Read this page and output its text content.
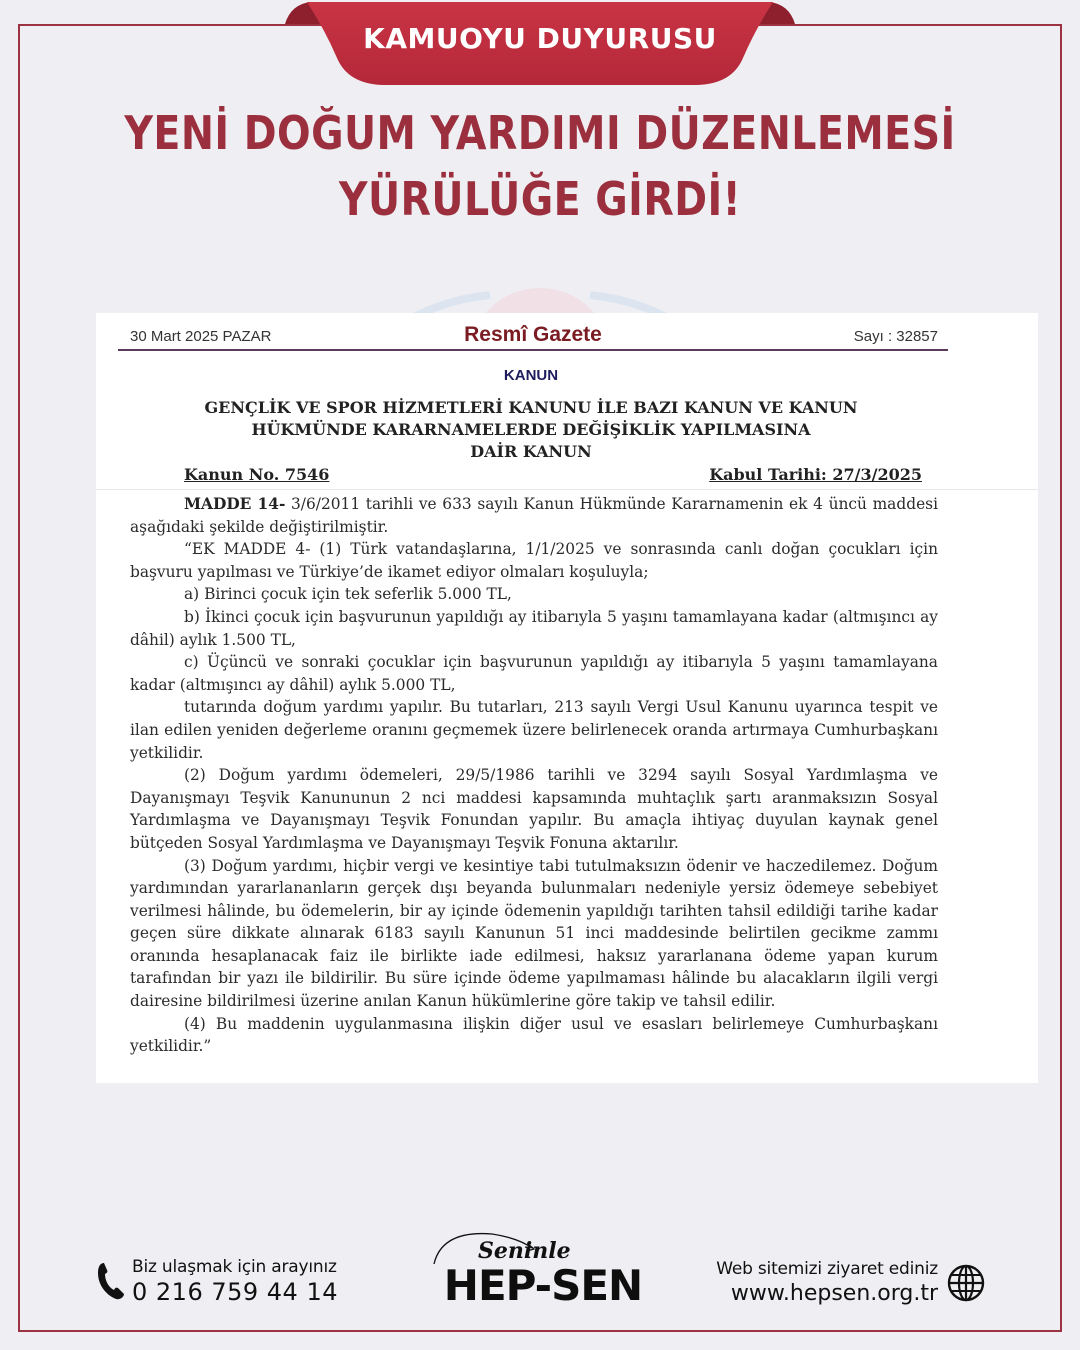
KAMUOYU DUYURUSU
YENİ DOĞUM YARDIMI DÜZENLEMESİ
YÜRÜLÜĞE GİRDİ!
30 Mart 2025 PAZAR	Resmî Gazete	Sayı : 32857
KANUN
GENÇLİK VE SPOR HİZMETLERİ KANUNU İLE BAZI KANUN VE KANUN
HÜKMÜNDE KARARNAMELERDE DEĞİŞİKLİK YAPILMASINA
DAİR KANUN
Kanun No. 7546	Kabul Tarihi: 27/3/2025

MADDE 14- 3/6/2011 tarihli ve 633 sayılı Kanun Hükmünde Kararnamenin ek 4 üncü maddesi aşağıdaki şekilde değiştirilmiştir.

“EK MADDE 4- (1) Türk vatandaşlarına, 1/1/2025 ve sonrasında canlı doğan çocukları için başvuru yapılması ve Türkiye’de ikamet ediyor olmaları koşuluyla;

a) Birinci çocuk için tek seferlik 5.000 TL,

b) İkinci çocuk için başvurunun yapıldığı ay itibarıyla 5 yaşını tamamlayana kadar (altmışıncı ay dâhil) aylık 1.500 TL,

c) Üçüncü ve sonraki çocuklar için başvurunun yapıldığı ay itibarıyla 5 yaşını tamamlayana kadar (altmışıncı ay dâhil) aylık 5.000 TL,

tutarında doğum yardımı yapılır. Bu tutarları, 213 sayılı Vergi Usul Kanunu uyarınca tespit ve ilan edilen yeniden değerleme oranını geçmemek üzere belirlenecek oranda artırmaya Cumhurbaşkanı yetkilidir.

(2) Doğum yardımı ödemeleri, 29/5/1986 tarihli ve 3294 sayılı Sosyal Yardımlaşma ve Dayanışmayı Teşvik Kanununun 2 nci maddesi kapsamında muhtaçlık şartı aranmaksızın Sosyal Yardımlaşma ve Dayanışmayı Teşvik Fonundan yapılır. Bu amaçla ihtiyaç duyulan kaynak genel bütçeden Sosyal Yardımlaşma ve Dayanışmayı Teşvik Fonuna aktarılır.

(3) Doğum yardımı, hiçbir vergi ve kesintiye tabi tutulmaksızın ödenir ve haczedilemez. Doğum yardımından yararlananların gerçek dışı beyanda bulunmaları nedeniyle yersiz ödemeye sebebiyet verilmesi hâlinde, bu ödemelerin, bir ay içinde ödemenin yapıldığı tarihten tahsil edildiği tarihe kadar geçen süre dikkate alınarak 6183 sayılı Kanunun 51 inci maddesinde belirtilen gecikme zammı oranında hesaplanacak faiz ile birlikte iade edilmesi, haksız yararlanana ödeme yapan kurum tarafından bir yazı ile bildirilir. Bu süre içinde ödeme yapılmaması hâlinde bu alacakların ilgili vergi dairesine bildirilmesi üzerine anılan Kanun hükümlerine göre takip ve tahsil edilir.

(4) Bu maddenin uygulanmasına ilişkin diğer usul ve esasları belirlemeye Cumhurbaşkanı yetkilidir.”

Biz ulaşmak için arayınız
0 216 759 44 14
Seninle
HEP-SEN	Web sitemizi ziyaret ediniz
www.hepsen.org.tr
